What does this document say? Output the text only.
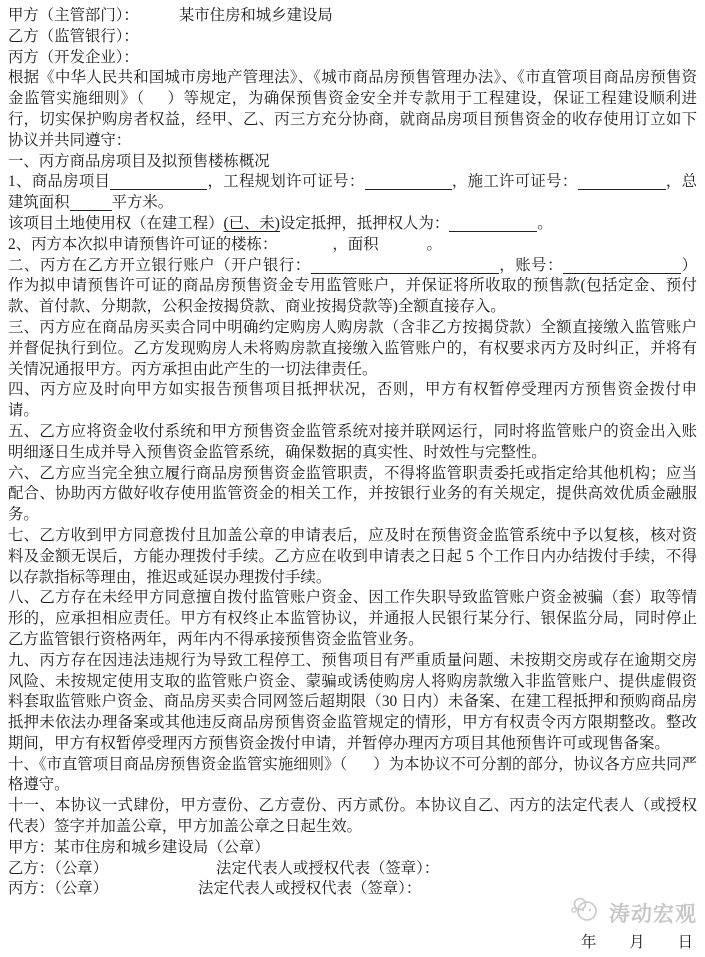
甲方（主管部门）：	某市住房和城乡建设局

乙方（监管银行）：

丙方（开发企业）：

根据《中华人民共和国城市房地产管理法》、《城市商品房预售管理办法》、《市直管项目商品房预售资金监管实施细则》（ ）等规定，为确保预售资金安全并专款用于工程建设，保证工程建设顺利进行，切实保护购房者权益，经甲、乙、丙三方充分协商，就商品房项目预售资金的收存使用订立如下协议并共同遵守：

一、丙方商品房项目及拟预售楼栋概况

1、商品房项目	，工程规划许可证号：	，施工许可证号：	，总建筑面积	平方米。

该项目土地使用权（在建工程）(已、未)设定抵押，抵押权人为：	。

2、丙方本次拟申请预售许可证的楼栋：	，面积	。

二、丙方在乙方开立银行账户（开户银行：	，账号：	）作为拟申请预售许可证的商品房预售资金专用监管账户，并保证将所收取的预售款(包括定金、预付款、首付款、分期款，公积金按揭贷款、商业按揭贷款等)全额直接存入。

三、丙方应在商品房买卖合同中明确约定购房人购房款（含非乙方按揭贷款）全额直接缴入监管账户并督促执行到位。乙方发现购房人未将购房款直接缴入监管账户的，有权要求丙方及时纠正，并将有关情况通报甲方。丙方承担由此产生的一切法律责任。

四、丙方应及时向甲方如实报告预售项目抵押状况，否则，甲方有权暂停受理丙方预售资金拨付申请。

五、乙方应将资金收付系统和甲方预售资金监管系统对接并联网运行，同时将监管账户的资金出入账明细逐日生成并导入预售资金监管系统，确保数据的真实性、时效性与完整性。

六、乙方应当完全独立履行商品房预售资金监管职责，不得将监管职责委托或指定给其他机构；应当配合、协助丙方做好收存使用监管资金的相关工作，并按银行业务的有关规定，提供高效优质金融服务。

七、乙方收到甲方同意拨付且加盖公章的申请表后，应及时在预售资金监管系统中予以复核，核对资料及金额无误后，方能办理拨付手续。乙方应在收到申请表之日起 5 个工作日内办结拨付手续，不得以存款指标等理由，推迟或延误办理拨付手续。

八、乙方存在未经甲方同意擅自拨付监管账户资金、因工作失职导致监管账户资金被骗（套）取等情形的，应承担相应责任。甲方有权终止本监管协议，并通报人民银行某分行、银保监分局，同时停止乙方监管银行资格两年，两年内不得承接预售资金监管业务。

九、丙方存在因违法违规行为导致工程停工、预售项目有严重质量问题、未按期交房或存在逾期交房风险、未按规定使用支取的监管账户资金、蒙骗或诱使购房人将购房款缴入非监管账户、提供虚假资料套取监管账户资金、商品房买卖合同网签后超期限（30 日内）未备案、在建工程抵押和预购商品房抵押未依法办理备案或其他违反商品房预售资金监管规定的情形，甲方有权责令丙方限期整改。整改期间，甲方有权暂停受理丙方预售资金拨付申请，并暂停办理丙方项目其他预售许可或现售备案。

十、《市直管项目商品房预售资金监管实施细则》（ ）为本协议不可分割的部分，协议各方应共同严格遵守。

十一、本协议一式肆份，甲方壹份、乙方壹份、丙方贰份。本协议自乙、丙方的法定代表人（或授权代表）签字并加盖公章，甲方加盖公章之日起生效。

甲方：某市住房和城乡建设局（公章）

乙方：（公章）	法定代表人或授权代表（签章）：

丙方：（公章）	法定代表人或授权代表（签章）：

涛动宏观
年 月 日
